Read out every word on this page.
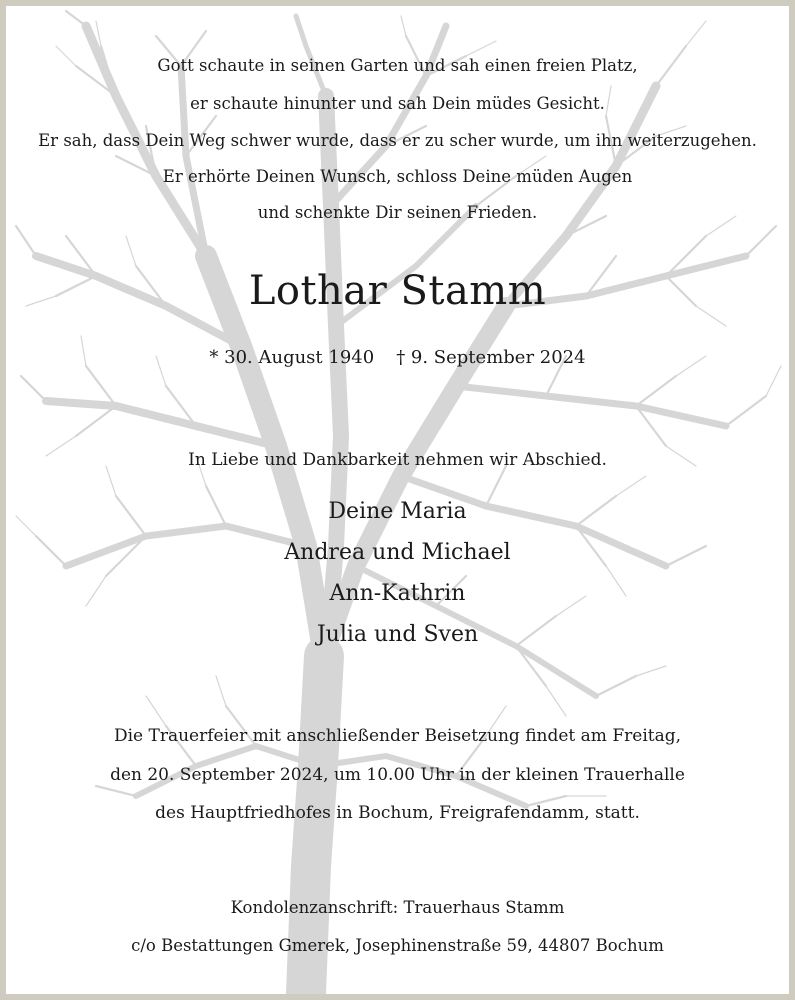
Gott schaute in seinen Garten und sah einen freien Platz,
er schaute hinunter und sah Dein müdes Gesicht.
Er sah, dass Dein Weg schwer wurde, dass er zu scher wurde, um ihn weiterzugehen.
Er erhörte Deinen Wunsch, schloss Deine müden Augen
und schenkte Dir seinen Frieden.
Lothar Stamm
* 30. August 1940 † 9. September 2024
In Liebe und Dankbarkeit nehmen wir Abschied.
Deine Maria
Andrea und Michael
Ann-Kathrin
Julia und Sven
Die Trauerfeier mit anschließender Beisetzung findet am Freitag,
den 20. September 2024, um 10.00 Uhr in der kleinen Trauerhalle
des Hauptfriedhofes in Bochum, Freigrafendamm, statt.
Kondolenzanschrift: Trauerhaus Stamm
c/o Bestattungen Gmerek, Josephinenstraße 59, 44807 Bochum
